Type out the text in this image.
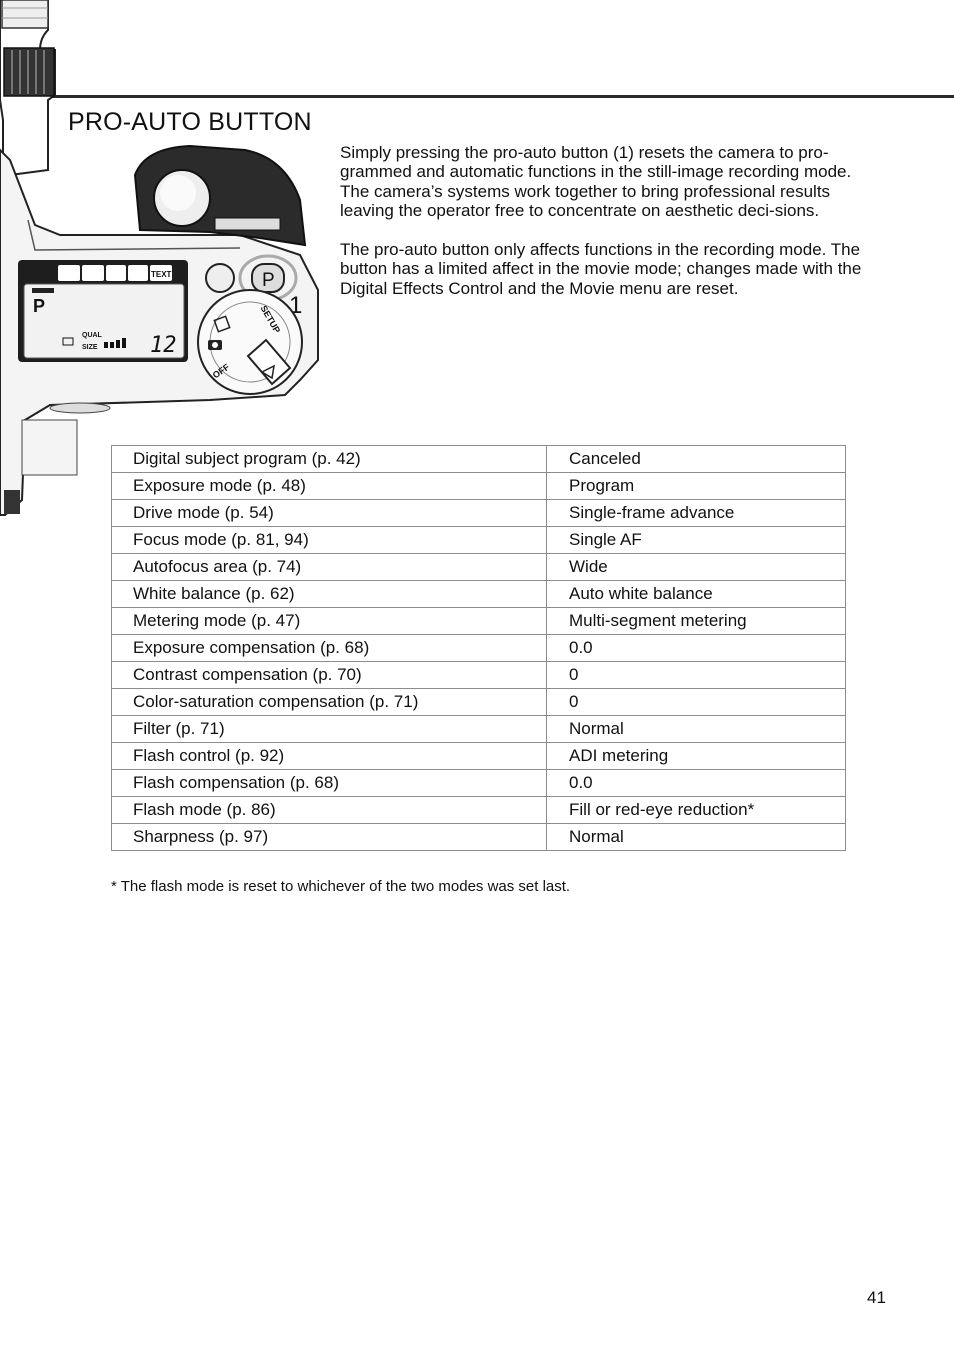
TEXT
P
QUAL
SIZE 12
P
1
SETUP
OFF
PRO-AUTO BUTTON

Simply pressing the pro-auto button (1) resets the camera to pro-grammed and automatic functions in the still-image recording mode. The camera’s systems work together to bring professional results leaving the operator free to concentrate on aesthetic deci-sions.

The pro-auto button only affects functions in the recording mode. The button has a limited affect in the movie mode; changes made with the Digital Effects Control and the Movie menu are reset.

Digital subject program (p. 42)	Canceled
Exposure mode (p. 48)	Program
Drive mode (p. 54)	Single-frame advance
Focus mode (p. 81, 94)	Single AF
Autofocus area (p. 74)	Wide
White balance (p. 62)	Auto white balance
Metering mode (p. 47)	Multi-segment metering
Exposure compensation (p. 68)	0.0
Contrast compensation (p. 70)	0
Color-saturation compensation (p. 71)	0
Filter (p. 71)	Normal
Flash control (p. 92)	ADI metering
Flash compensation (p. 68)	0.0
Flash mode (p. 86)	Fill or red-eye reduction*
Sharpness (p. 97)	Normal
* The flash mode is reset to whichever of the two modes was set last.
41
